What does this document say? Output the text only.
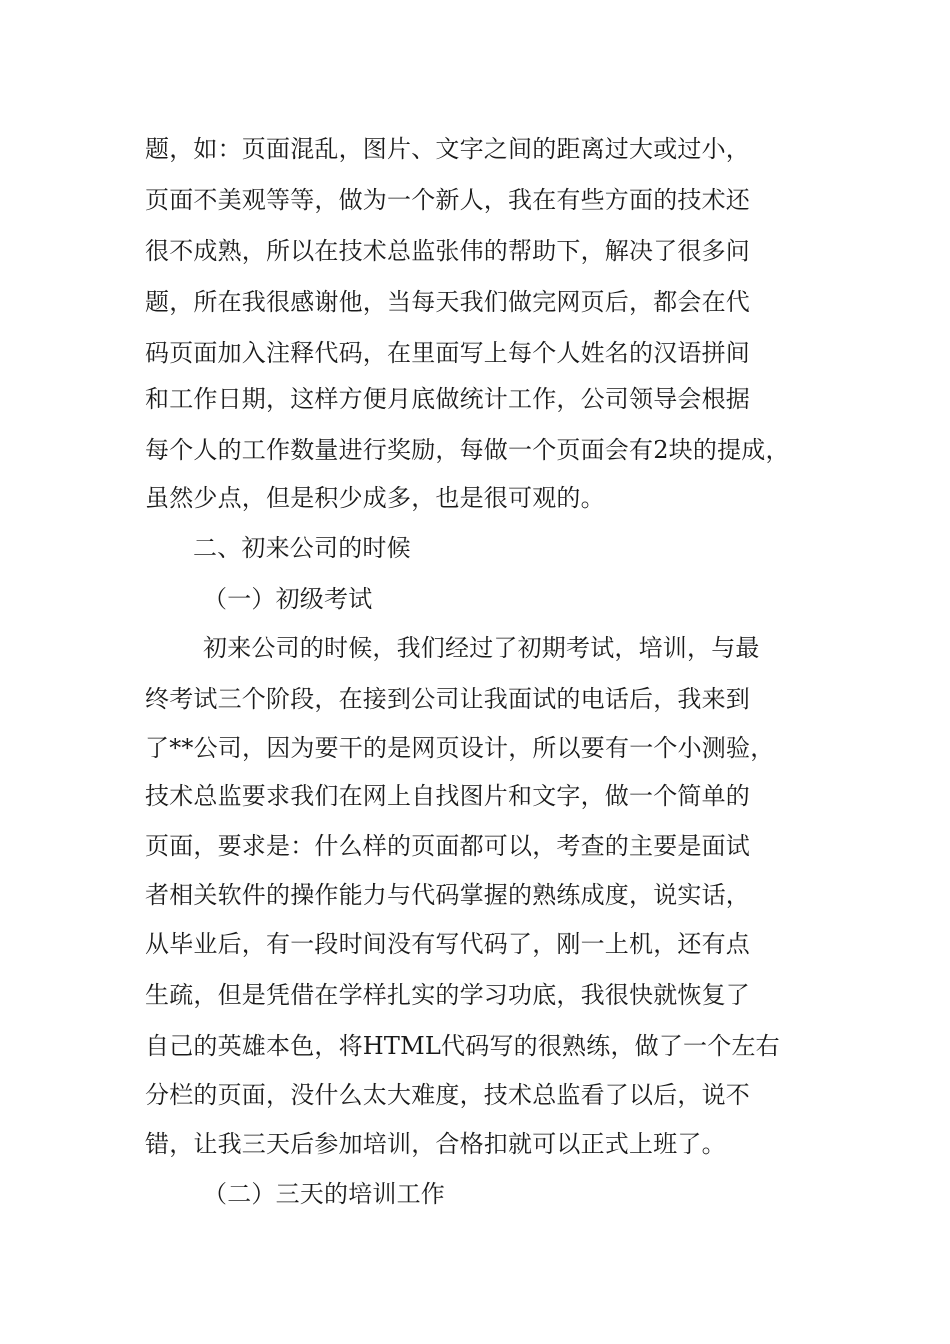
题，如：页面混乱，图片、文字之间的距离过大或过小，
页面不美观等等，做为一个新人，我在有些方面的技术还
很不成熟，所以在技术总监张伟的帮助下，解决了很多问
题，所在我很感谢他，当每天我们做完网页后，都会在代
码页面加入注释代码，在里面写上每个人姓名的汉语拼间
和工作日期，这样方便月底做统计工作，公司领导会根据
每个人的工作数量进行奖励，每做一个页面会有2块的提成，
虽然少点，但是积少成多，也是很可观的。
二、初来公司的时候
（一）初级考试
初来公司的时候，我们经过了初期考试，培训，与最
终考试三个阶段，在接到公司让我面试的电话后，我来到
了**公司，因为要干的是网页设计，所以要有一个小测验，
技术总监要求我们在网上自找图片和文字，做一个简单的
页面，要求是：什么样的页面都可以，考查的主要是面试
者相关软件的操作能力与代码掌握的熟练成度，说实话，
从毕业后，有一段时间没有写代码了，刚一上机，还有点
生疏，但是凭借在学样扎实的学习功底，我很快就恢复了
自己的英雄本色，将HTML代码写的很熟练，做了一个左右
分栏的页面，没什么太大难度，技术总监看了以后，说不
错，让我三天后参加培训，合格扣就可以正式上班了。
（二）三天的培训工作
